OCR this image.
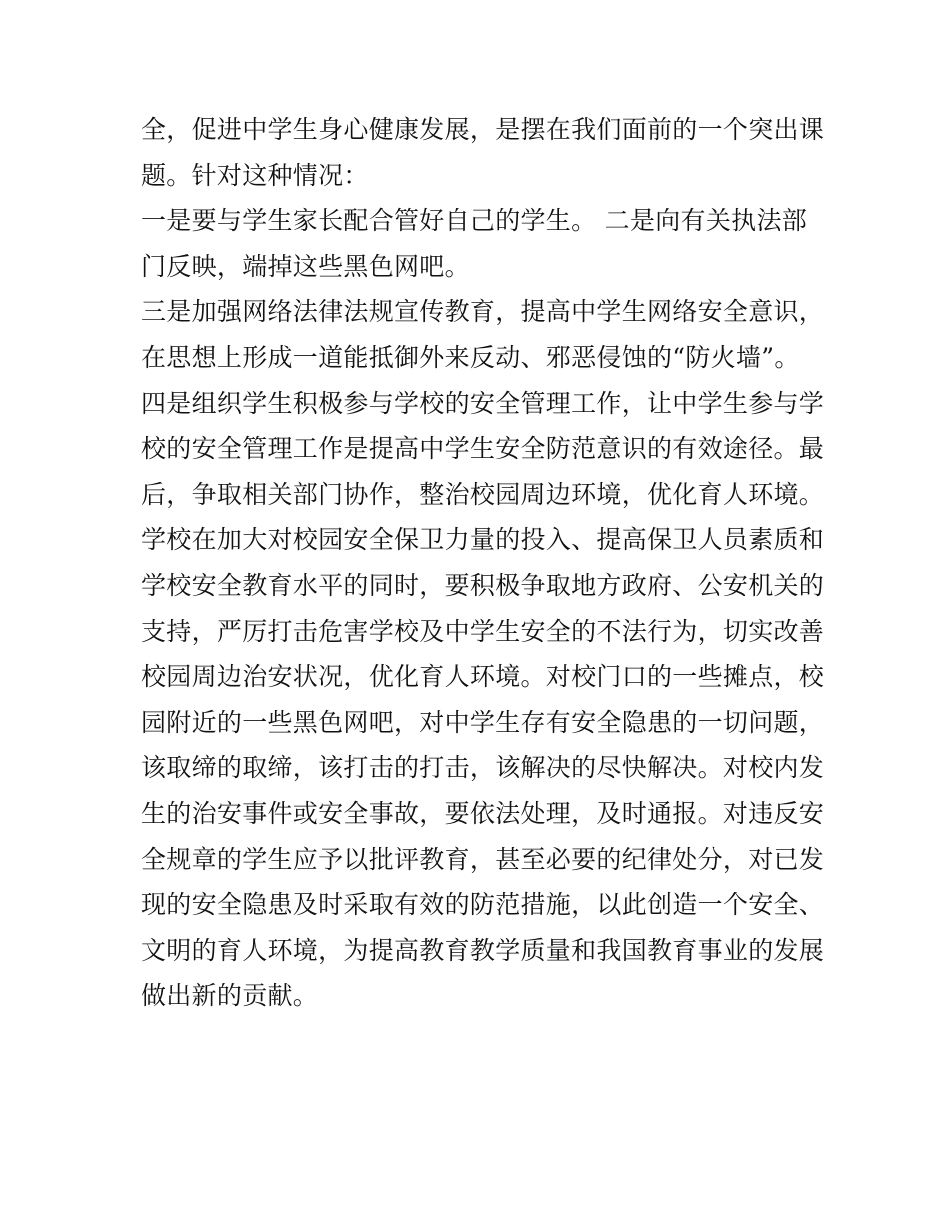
全，促进中学生身心健康发展，是摆在我们面前的一个突出课
题。针对这种情况：
一是要与学生家长配合管好自己的学生。 二是向有关执法部
门反映，端掉这些黑色网吧。
三是加强网络法律法规宣传教育，提高中学生网络安全意识，
在思想上形成一道能抵御外来反动、邪恶侵蚀的“防火墙”。
四是组织学生积极参与学校的安全管理工作，让中学生参与学
校的安全管理工作是提高中学生安全防范意识的有效途径。最
后，争取相关部门协作，整治校园周边环境，优化育人环境。
学校在加大对校园安全保卫力量的投入、提高保卫人员素质和
学校安全教育水平的同时，要积极争取地方政府、公安机关的
支持，严厉打击危害学校及中学生安全的不法行为，切实改善
校园周边治安状况，优化育人环境。对校门口的一些摊点，校
园附近的一些黑色网吧，对中学生存有安全隐患的一切问题，
该取缔的取缔，该打击的打击，该解决的尽快解决。对校内发
生的治安事件或安全事故，要依法处理，及时通报。对违反安
全规章的学生应予以批评教育，甚至必要的纪律处分，对已发
现的安全隐患及时采取有效的防范措施，以此创造一个安全、
文明的育人环境，为提高教育教学质量和我国教育事业的发展
做出新的贡献。
